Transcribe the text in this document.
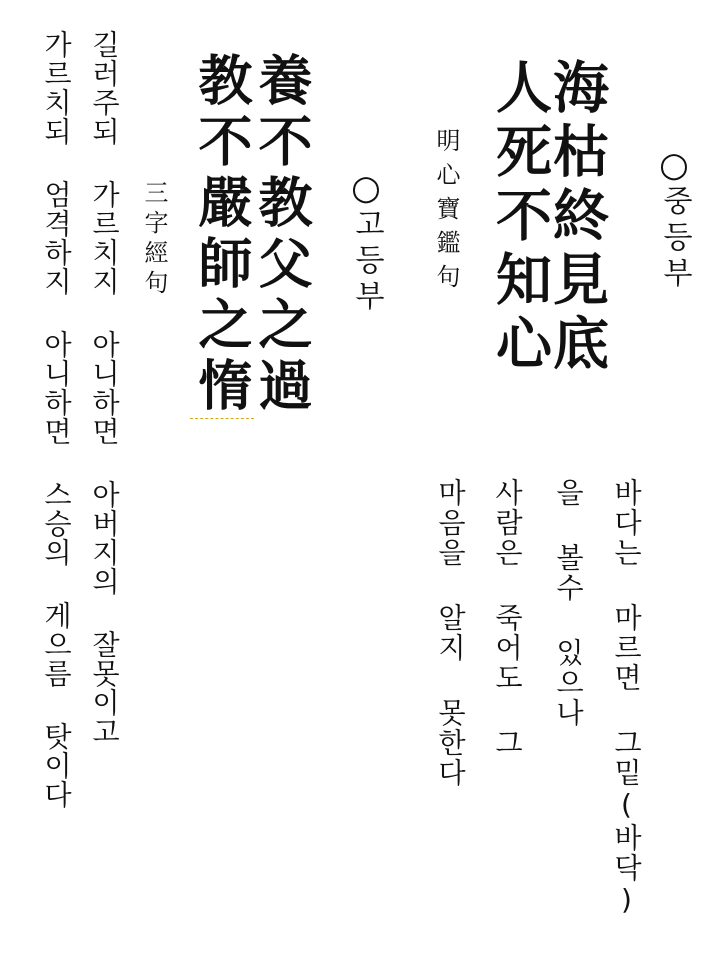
○
중등부
海枯終見底
人死不知心
明心寶鑑句
바다는 마르면 그밑(바닥)
을 볼수 있으나
사람은 죽어도 그
마음을 알지 못한다
○
고등부
養不教父之過
教不嚴師之惰
三字經句
길러주되 가르치지 아니하면 아버지의 잘못이고
가르치되 엄격하지 아니하면 스승의 게으름 탓이다
